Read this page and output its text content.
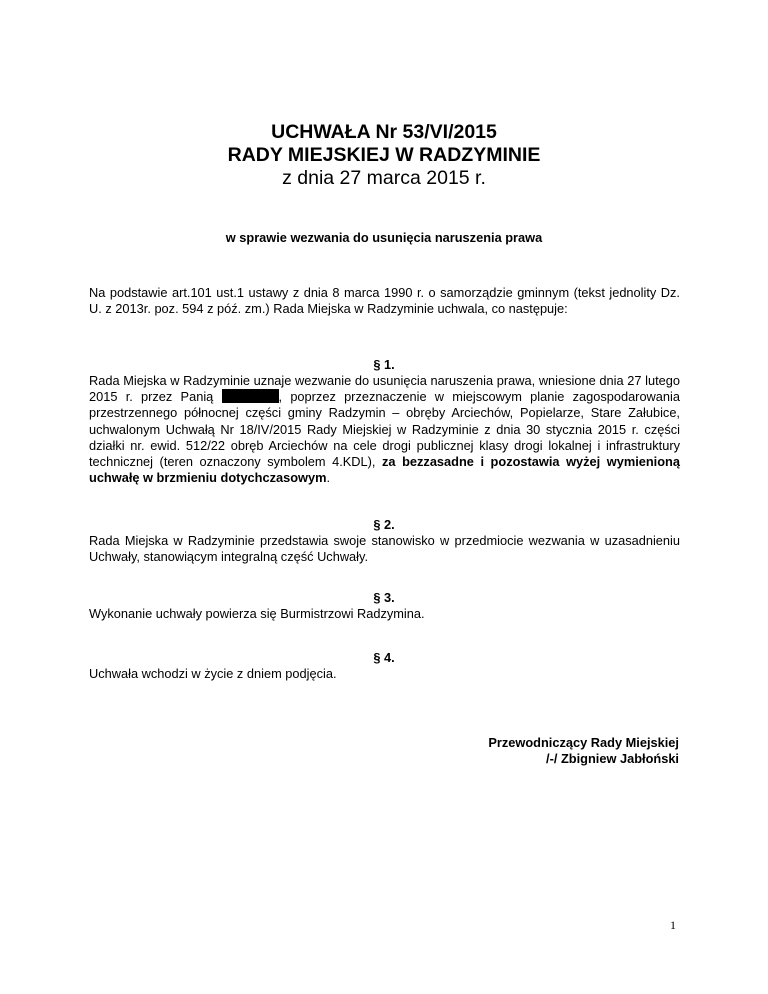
UCHWAŁA Nr 53/VI/2015

RADY MIEJSKIEJ W RADZYMINIE

z dnia 27 marca 2015 r.

w sprawie wezwania do usunięcia naruszenia prawa

Na podstawie art.101 ust.1 ustawy z dnia 8 marca 1990 r. o samorządzie gminnym (tekst jednolity Dz. U. z 2013r. poz. 594 z póź. zm.) Rada Miejska w Radzyminie uchwala, co następuje:

§ 1.

Rada Miejska w Radzyminie uznaje wezwanie do usunięcia naruszenia prawa, wniesione dnia 27 lutego 2015 r. przez Panią	, poprzez przeznaczenie w miejscowym planie zagospodarowania przestrzennego północnej części gminy Radzymin – obręby Arciechów, Popielarze, Stare Załubice, uchwalonym Uchwałą Nr 18/IV/2015 Rady Miejskiej w Radzyminie z dnia 30 stycznia 2015 r. części działki nr. ewid. 512/22 obręb Arciechów na cele drogi publicznej klasy drogi lokalnej i infrastruktury technicznej (teren oznaczony symbolem 4.KDL), za bezzasadne i pozostawia wyżej wymienioną uchwałę w brzmieniu dotychczasowym.

§ 2.

Rada Miejska w Radzyminie przedstawia swoje stanowisko w przedmiocie wezwania w uzasadnieniu Uchwały, stanowiącym integralną część Uchwały.

§ 3.

Wykonanie uchwały powierza się Burmistrzowi Radzymina.

§ 4.

Uchwała wchodzi w życie z dniem podjęcia.

Przewodniczący Rady Miejskiej

/-/ Zbigniew Jabłoński

1
